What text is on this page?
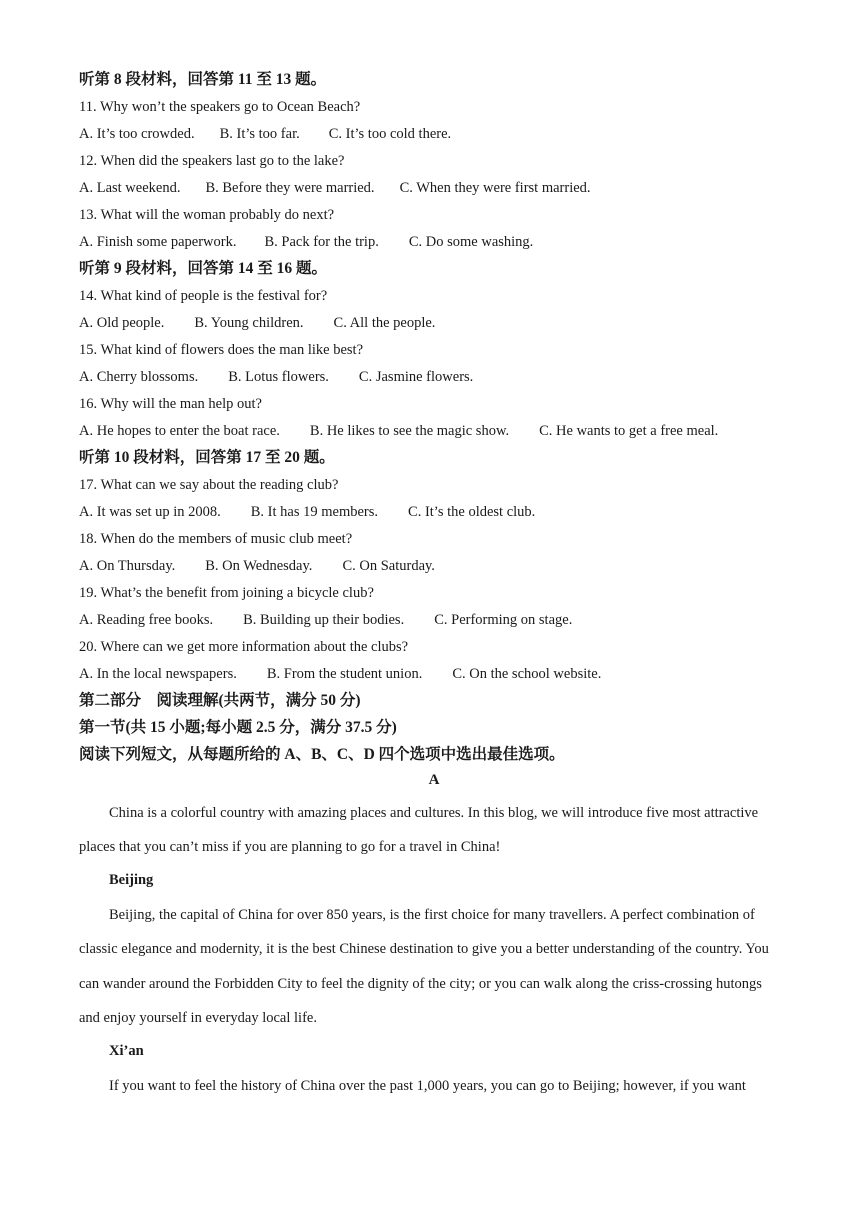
听第 8 段材料，回答第 11 至 13 题。
11. Why won’t the speakers go to Ocean Beach?
A. It’s too crowded. B. It’s too far. C. It’s too cold there.
12. When did the speakers last go to the lake?
A. Last weekend. B. Before they were married. C. When they were first married.
13. What will the woman probably do next?
A. Finish some paperwork. B. Pack for the trip. C. Do some washing.
听第 9 段材料，回答第 14 至 16 题。
14. What kind of people is the festival for?
A. Old people. B. Young children. C. All the people.
15. What kind of flowers does the man like best?
A. Cherry blossoms. B. Lotus flowers. C. Jasmine flowers.
16. Why will the man help out?
A. He hopes to enter the boat race. B. He likes to see the magic show. C. He wants to get a free meal.
听第 10 段材料，回答第 17 至 20 题。
17. What can we say about the reading club?
A. It was set up in 2008. B. It has 19 members. C. It’s the oldest club.
18. When do the members of music club meet?
A. On Thursday. B. On Wednesday. C. On Saturday.
19. What’s the benefit from joining a bicycle club?
A. Reading free books. B. Building up their bodies. C. Performing on stage.
20. Where can we get more information about the clubs?
A. In the local newspapers. B. From the student union. C. On the school website.
第二部分　阅读理解(共两节，满分 50 分)
第一节(共 15 小题;每小题 2.5 分，满分 37.5 分)
阅读下列短文，从每题所给的 A、B、C、D 四个选项中选出最佳选项。
A
China is a colorful country with amazing places and cultures. In this blog, we will introduce five most attractive places that you can’t miss if you are planning to go for a travel in China!
Beijing
Beijing, the capital of China for over 850 years, is the first choice for many travellers. A perfect combination of classic elegance and modernity, it is the best Chinese destination to give you a better understanding of the country. You can wander around the Forbidden City to feel the dignity of the city; or you can walk along the criss-crossing hutongs and enjoy yourself in everyday local life.
Xi’an
If you want to feel the history of China over the past 1,000 years, you can go to Beijing; however, if you want
